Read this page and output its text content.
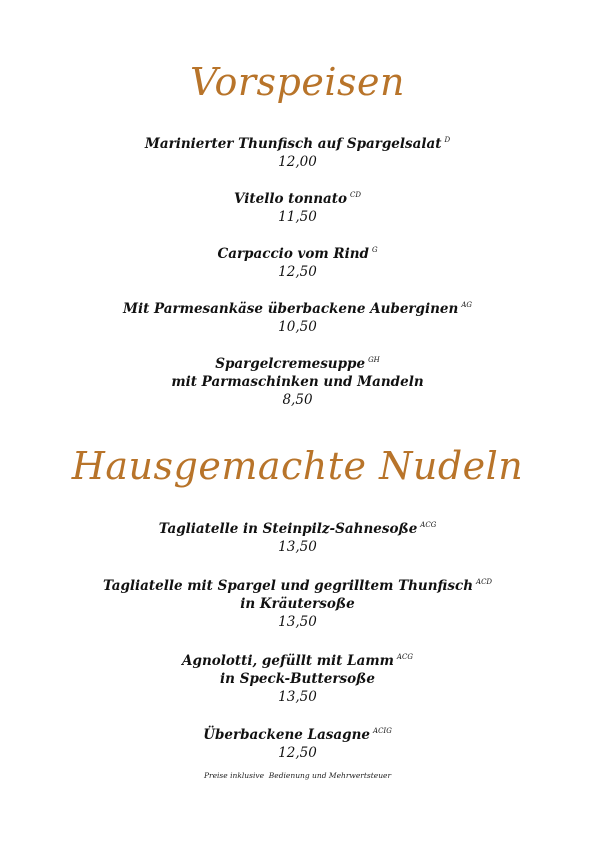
Vorspeisen
Marinierter Thunfisch auf Spargelsalat $^D$
12,00
Vitello tonnato $^{CD}$
11,50
Carpaccio vom Rind $^G$
12,50
Mit Parmesankäse überbackene Auberginen $^{AG}$
10,50
Spargelcremesuppe $^{GH}$
mit Parmaschinken und Mandeln
8,50
Hausgemachte Nudeln
Tagliatelle in Steinpilz-Sahnesoße $^{ACG}$
13,50
Tagliatelle mit Spargel und gegrilltem Thunfisch $^{ACD}$
in Kräutersoße
13,50
Agnolotti, gefüllt mit Lamm $^{ACG}$
in Speck-Buttersoße
13,50
Überbackene Lasagne $^{ACIG}$
12,50
Preise inklusive  Bedienung und Mehrwertsteuer
